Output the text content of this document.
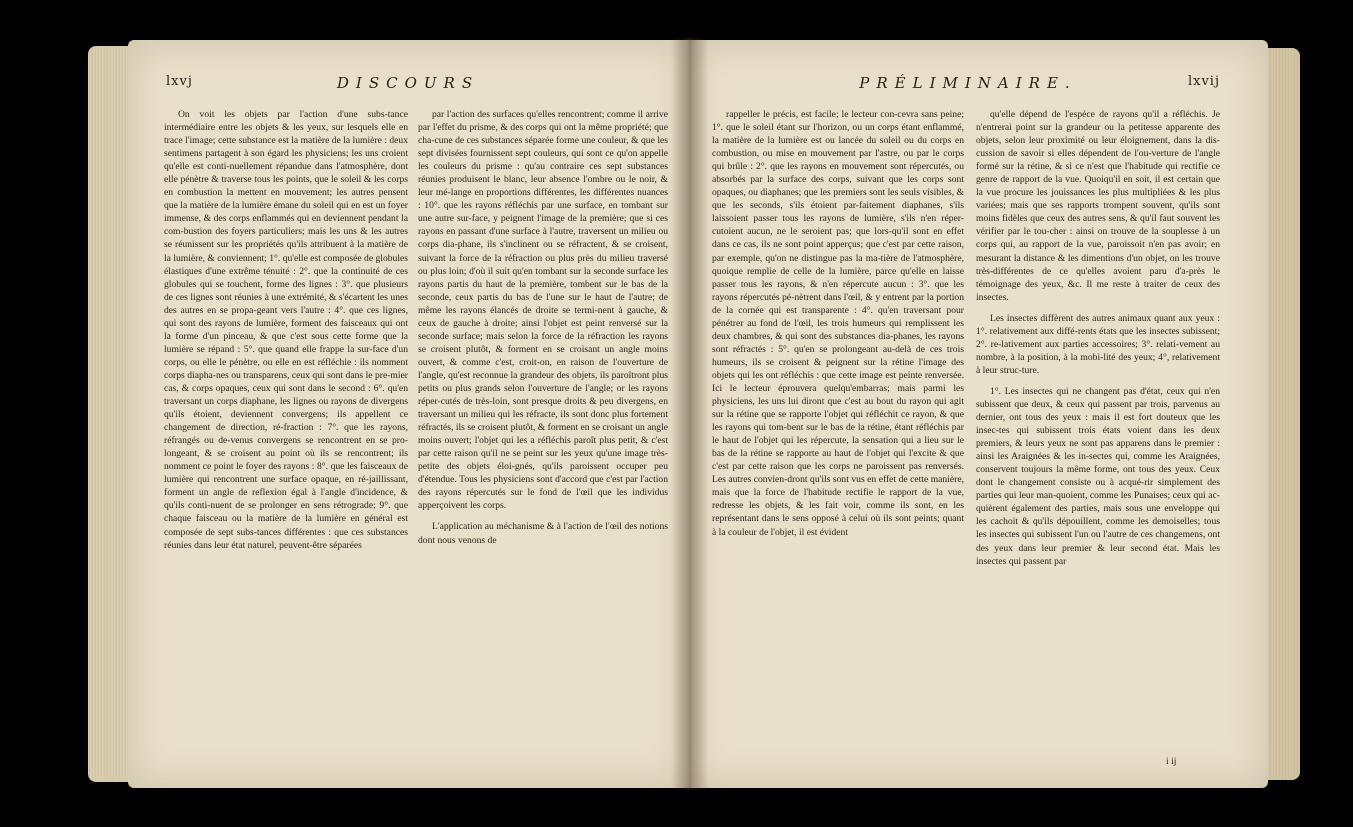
lxvj	DISCOURS

On voit les objets par l'action d'une subs-tance intermédiaire entre les objets & les yeux, sur lesquels elle en trace l'image; cette substance est la matière de la lumière : deux sentimens partagent à son égard les physiciens; les uns croient qu'elle est conti-nuellement répandue dans l'atmosphère, dont elle pénètre & traverse tous les points, que le soleil & les corps en combustion la mettent en mouvement; les autres pensent que la matière de la lumière émane du soleil qui en est un foyer immense, & des corps enflammés qui en deviennent pendant la com-bustion des foyers particuliers; mais les uns & les autres se réunissent sur les propriétés qu'ils attribuent à la matière de la lumière, & conviennent; 1°. qu'elle est composée de globules élastiques d'une extrême ténuité : 2°. que la continuité de ces globules qui se touchent, forme des lignes : 3°. que plusieurs de ces lignes sont réunies à une extrémité, & s'écartent les unes des autres en se propa-geant vers l'autre : 4°. que ces lignes, qui sont des rayons de lumière, forment des faisceaux qui ont la forme d'un pinceau, & que c'est sous cette forme que la lumière se répand : 5°. que quand elle frappe la sur-face d'un corps, ou elle le pénètre, ou elle en est réfléchie : ils nomment corps diapha-nes ou transparens, ceux qui sont dans le pre-mier cas, & corps opaques, ceux qui sont dans le second : 6°. qu'en traversant un corps diaphane, les lignes ou rayons de divergens qu'ils étoient, deviennent convergens; ils appellent ce changement de direction, ré-fraction : 7°. que les rayons, réfrangés ou de-venus convergens se rencontrent en se pro-longeant, & se croisent au point où ils se rencontrent; ils nomment ce point le foyer des rayons : 8°. que les faisceaux de lumière qui rencontrent une surface opaque, en ré-jaillissant, forment un angle de reflexion égal à l'angle d'incidence, & qu'ils conti-nuent de se prolonger en sens rétrograde; 9°. que chaque faisceau ou la matière de la lumière en général est composée de sept subs-tances différentes : que ces substances réunies dans leur état naturel, peuvent-être séparées

par l'action des surfaces qu'elles rencontrent; comme il arrive par l'effet du prisme, & des corps qui ont la même propriété; que cha-cune de ces substances séparée forme une couleur, & que les sept divisées fournissent sept couleurs, qui sont ce qu'on appelle les couleurs du prisme : qu'au contraire ces sept substances réunies produisent le blanc, leur absence l'ombre ou le noir, & leur mé-lange en proportions différentes, les différentes nuances : 10°. que les rayons réfléchis par une surface, en tombant sur une autre sur-face, y peignent l'image de la première; que si ces rayons en passant d'une surface à l'autre, traversent un milieu ou corps dia-phane, ils s'inclinent ou se réfractent, & se croisent, suivant la force de la réfraction ou plus près du milieu traversé ou plus loin; d'où il suit qu'en tombant sur la seconde surface les rayons partis du haut de la première, tombent sur le bas de la seconde, ceux partis du bas de l'une sur le haut de l'autre; de même les rayons élancés de droite se termi-nent à gauche, & ceux de gauche à droite; ainsi l'objet est peint renversé sur la seconde surface; mais selon la force de la réfraction les rayons se croisent plutôt, & forment en se croisant un angle moins ouvert, & comme c'est, croit-on, en raison de l'ouverture de l'angle, qu'est reconnue la grandeur des objets, ils paroîtront plus petits ou plus grands selon l'ouverture de l'angle; or les rayons réper-cutés de très-loin, sont presque droits & peu divergens, en traversant un milieu qui les réfracte, ils sont donc plus fortement réfractés, ils se croisent plutôt, & forment en se croisant un angle moins ouvert; l'objet qui les a réfléchis paroît plus petit, & c'est par cette raison qu'il ne se peint sur les yeux qu'une image très-petite des objets éloi-gnés, qu'ils paroissent occuper peu d'étendue. Tous les physiciens sont d'accord que c'est par l'action des rayons répercutés sur le fond de l'œil que les individus apperçoivent les corps.

L'application au méchanisme & à l'action de l'œil des notions dont nous venons de

lxvij
PRÉLIMINAIRE.

rappeller le précis, est facile; le lecteur con-cevra sans peine; 1°. que le soleil étant sur l'horizon, ou un corps étant enflammé, la matière de la lumière est ou lancée du soleil ou du corps en combustion, ou mise en mouvement par l'astre, ou par le corps qui brûle : 2°. que les rayons en mouvement sont répercutés, ou absorbés par la surface des corps, suivant que les corps sont opaques, ou diaphanes; que les premiers sont les seuls visibles, & que les seconds, s'ils étoient par-faitement diaphanes, s'ils laissoient passer tous les rayons de lumière, s'ils n'en réper-cutoient aucun, ne le seroient pas; que lors-qu'il sont en effet dans ce cas, ils ne sont point apperçus; que c'est par cette raison, par exemple, qu'on ne distingue pas la ma-tière de l'atmosphère, quoique remplie de celle de la lumière, parce qu'elle en laisse passer tous les rayons, & n'en répercute aucun : 3°. que les rayons répercutés pé-nètrent dans l'œil, & y entrent par la portion de la cornée qui est transparente : 4°. qu'en traversant pour pénétrer au fond de l'œil, les trois humeurs qui remplissent les deux chambres, & qui sont des substances dia-phanes, les rayons sont réfractés : 5°. qu'en se prolongeant au-delà de ces trois humeurs, ils se croisent & peignent sur la rétine l'image des objets qui les ont réfléchis : que cette image est peinte renversée. Ici le lecteur éprouvera quelqu'embarras; mais parmi les physiciens, les uns lui diront que c'est au bout du rayon qui agit sur la rétine que se rapporte l'objet qui réfléchit ce rayon, & que les rayons qui tom-bent sur le bas de la rétine, étant réfléchis par le haut de l'objet qui les répercute, la sensation qui a lieu sur le bas de la rétine se rapporte au haut de l'objet qui l'excite & que c'est par cette raison que les corps ne paroissent pas renversés. Les autres convien-dront qu'ils sont vus en effet de cette manière, mais que la force de l'habitude rectifie le rapport de la vue, redresse les objets, & les fait voir, comme ils sont, en les représentant dans le sens opposé à celui où ils sont peints; quant à la couleur de l'objet, il est évident

qu'elle dépend de l'espèce de rayons qu'il a réfléchis. Je n'entrerai point sur la grandeur ou la petitesse apparente des objets, selon leur proximité ou leur éloignement, dans la dis-cussion de savoir si elles dépendent de l'ou-verture de l'angle formé sur la rétine, & si ce n'est que l'habitude qui rectifie ce genre de rapport de la vue. Quoiqu'il en soit, il est certain que la vue procure les jouissances les plus multipliées & les plus variées; mais que ses rapports trompent souvent, qu'ils sont moins fidèles que ceux des autres sens, & qu'il faut souvent les vérifier par le tou-cher : ainsi on trouve de la souplesse à un corps qui, au rapport de la vue, paroissoit n'en pas avoir; en mesurant la distance & les dimentions d'un objet, on les trouve très-différentes de ce qu'elles avoient paru d'a-près le témoignage des yeux, &c. Il me reste à traiter de ceux des insectes.

Les insectes diffèrent des autres animaux quant aux yeux : 1°. relativement aux diffé-rents états que les insectes subissent; 2°. re-lativement aux parties accessoires; 3°. relati-vement au nombre, à la position, à la mobi-lité des yeux; 4°, relativement à leur struc-ture.

1°. Les insectes qui ne changent pas d'état, ceux qui n'en subissent que deux, & ceux qui passent par trois, parvenus au dernier, ont tous des yeux : mais il est fort douteux que les insec-tes qui subissent trois états voient dans les deux premiers, & leurs yeux ne sont pas apparens dans le premier : ainsi les Araignées & les in-sectes qui, comme les Araignées, conservent toujours la même forme, ont tous des yeux. Ceux dont le changement consiste ou à acqué-rir simplement des parties qui leur man-quoient, comme les Punaises; ceux qui ac-quièrent également des parties, mais sous une enveloppe qui les cachoit & qu'ils dépouillent, comme les demoiselles; tous les insectes qui subissent l'un ou l'autre de ces changemens, ont des yeux dans leur premier & leur second état. Mais les insectes qui passent par

i ij
